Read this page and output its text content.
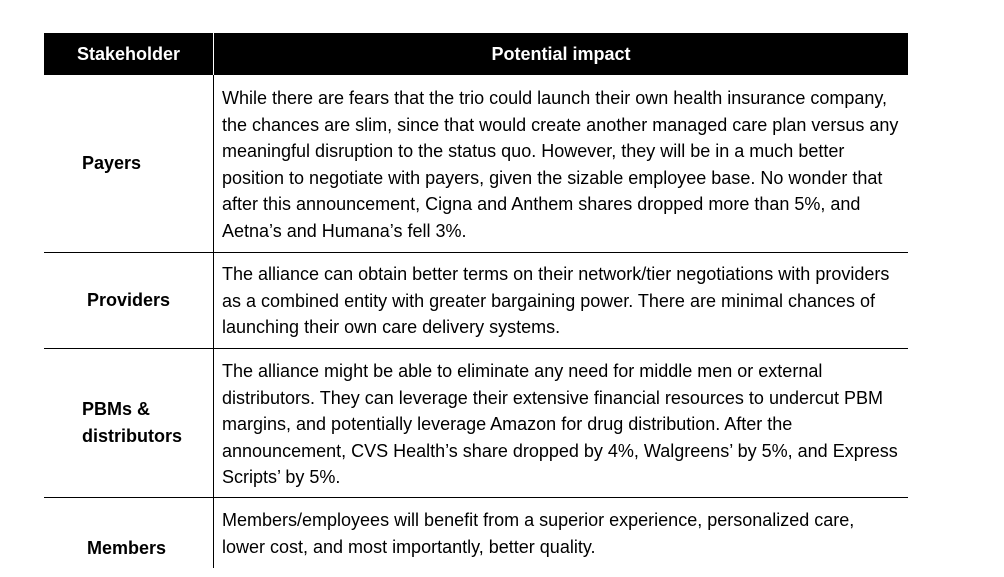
Stakeholder	Potential impact
Payers
While there are fears that the trio could launch their own health insurance company, the chances are slim, since that would create another managed care plan versus any meaningful disruption to the status quo. However, they will be in a much better position to negotiate with payers, given the sizable employee base. No wonder that after this announcement, Cigna and Anthem shares dropped more than 5%, and Aetna’s and Humana’s fell 3%.
Providers
The alliance can obtain better terms on their network/tier negotiations with providers as a combined entity with greater bargaining power. There are minimal chances of launching their own care delivery systems.
PBMs &
distributors
The alliance might be able to eliminate any need for middle men or external distributors. They can leverage their extensive financial resources to undercut PBM margins, and potentially leverage Amazon for drug distribution. After the announcement, CVS Health’s share dropped by 4%, Walgreens’ by 5%, and Express Scripts’ by 5%.
Members
Members/employees will benefit from a superior experience, personalized care, lower cost, and most importantly, better quality.
